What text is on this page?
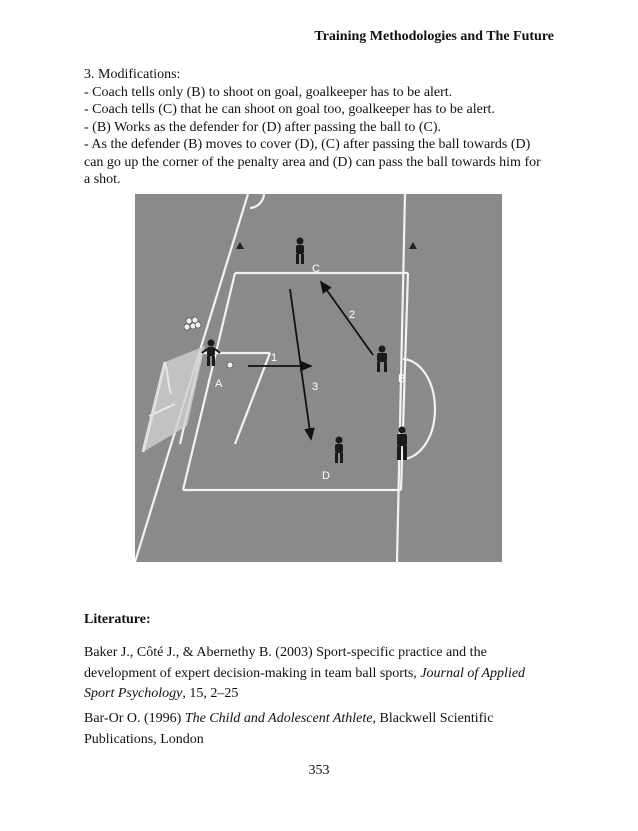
Training Methodologies and The Future
3. Modifications:
- Coach tells only (B) to shoot on goal, goalkeeper has to be alert.
- Coach tells (C) that he can shoot on goal too, goalkeeper has to be alert.
- (B) Works as the defender for (D) after passing the ball to (C).
- As the defender (B) moves to cover (D), (C) after passing the ball towards (D)
can go up the corner of the penalty area and (D) can pass the ball towards him for
a shot.
A	B
C
D
1
2
3
Literature:
Baker J., Côté J., & Abernethy B. (2003) Sport-specific practice and the development of expert decision-making in team ball sports, Journal of Applied Sport Psychology, 15, 2–25
Bar-Or O. (1996) The Child and Adolescent Athlete, Blackwell Scientific Publications, London
353
